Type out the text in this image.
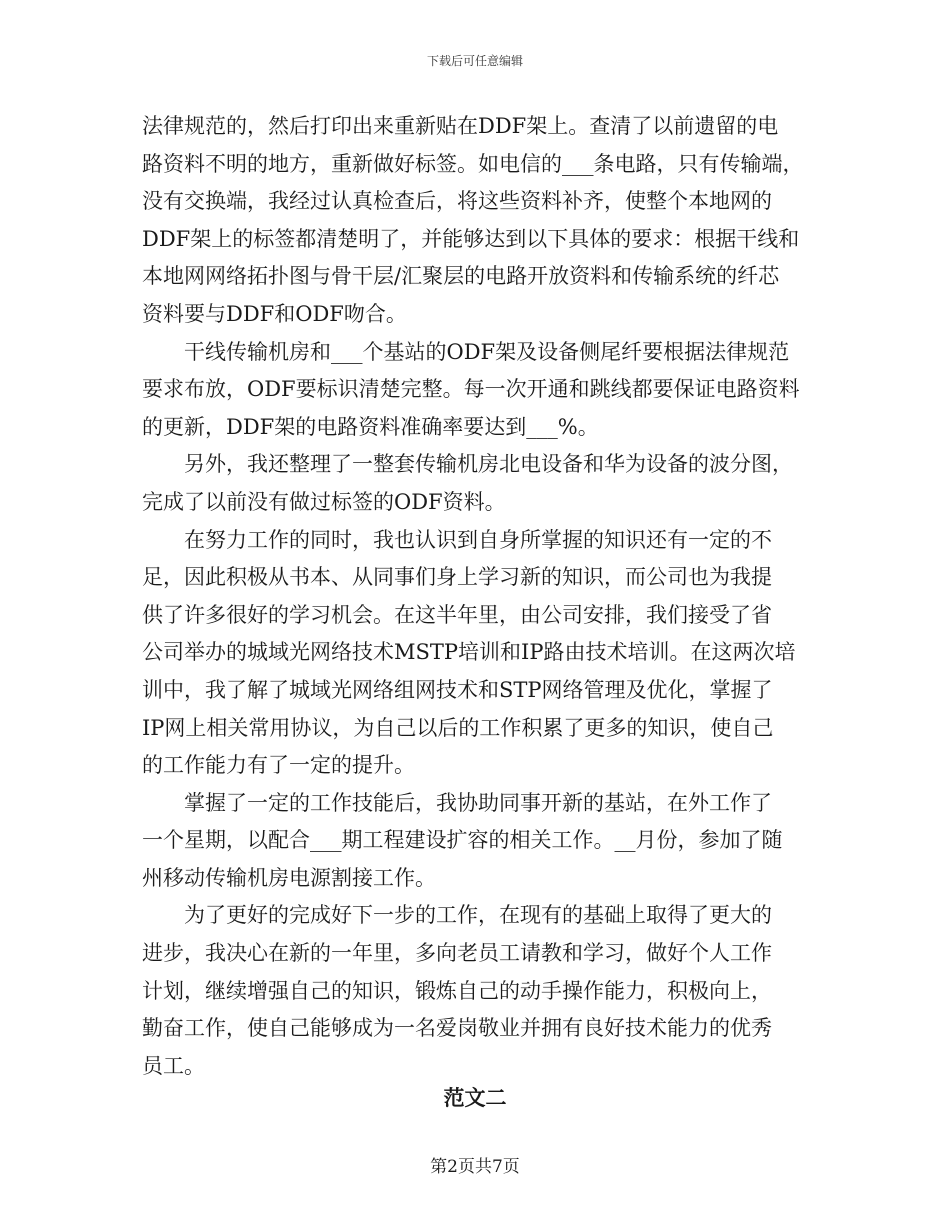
下载后可任意编辑
法律规范的，然后打印出来重新贴在DDF架上。查清了以前遗留的电
路资料不明的地方，重新做好标签。如电信的___条电路，只有传输端，
没有交换端，我经过认真检查后，将这些资料补齐，使整个本地网的
DDF架上的标签都清楚明了，并能够达到以下具体的要求：根据干线和
本地网网络拓扑图与骨干层/汇聚层的电路开放资料和传输系统的纤芯
资料要与DDF和ODF吻合。
　　干线传输机房和___个基站的ODF架及设备侧尾纤要根据法律规范
要求布放，ODF要标识清楚完整。每一次开通和跳线都要保证电路资料
的更新，DDF架的电路资料准确率要达到___%。
　　另外，我还整理了一整套传输机房北电设备和华为设备的波分图，
完成了以前没有做过标签的ODF资料。
　　在努力工作的同时，我也认识到自身所掌握的知识还有一定的不
足，因此积极从书本、从同事们身上学习新的知识，而公司也为我提
供了许多很好的学习机会。在这半年里，由公司安排，我们接受了省
公司举办的城域光网络技术MSTP培训和IP路由技术培训。在这两次培
训中，我了解了城域光网络组网技术和STP网络管理及优化，掌握了
IP网上相关常用协议，为自己以后的工作积累了更多的知识，使自己
的工作能力有了一定的提升。
　　掌握了一定的工作技能后，我协助同事开新的基站，在外工作了
一个星期，以配合___期工程建设扩容的相关工作。__月份，参加了随
州移动传输机房电源割接工作。
　　为了更好的完成好下一步的工作，在现有的基础上取得了更大的
进步，我决心在新的一年里，多向老员工请教和学习，做好个人工作
计划，继续增强自己的知识，锻炼自己的动手操作能力，积极向上，
勤奋工作，使自己能够成为一名爱岗敬业并拥有良好技术能力的优秀
员工。
范文二
第2页共7页
